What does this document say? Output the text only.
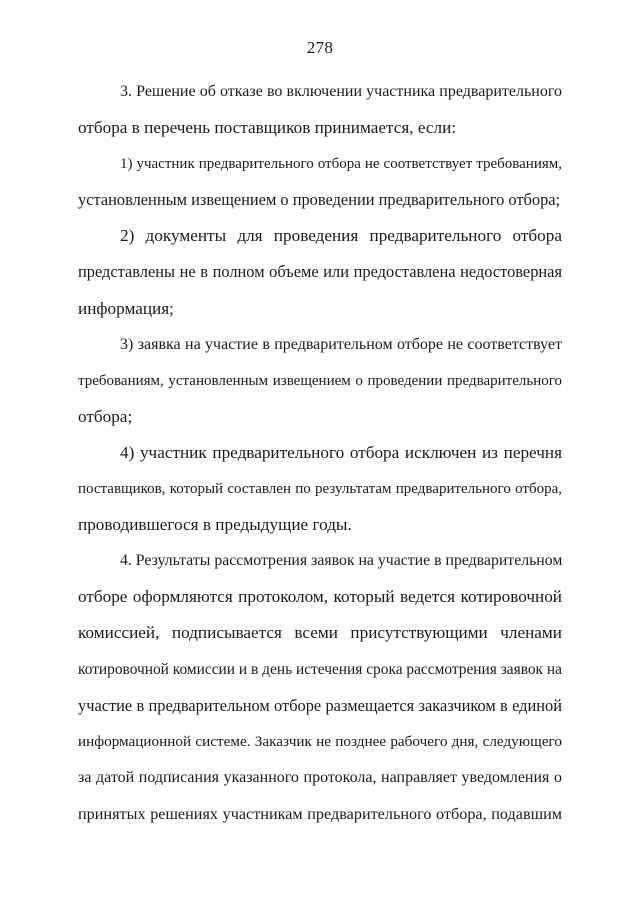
278
3. Решение об отказе во включении участника предварительного
отбора в перечень поставщиков принимается, если:
1) участник предварительного отбора не соответствует требованиям,
установленным извещением о проведении предварительного отбора;
2) документы для проведения предварительного отбора
представлены не в полном объеме или предоставлена недостоверная
информация;
3) заявка на участие в предварительном отборе не соответствует
требованиям, установленным извещением о проведении предварительного
отбора;
4) участник предварительного отбора исключен из перечня
поставщиков, который составлен по результатам предварительного отбора,
проводившегося в предыдущие годы.
4. Результаты рассмотрения заявок на участие в предварительном
отборе оформляются протоколом, который ведется котировочной
комиссией, подписывается всеми присутствующими членами
котировочной комиссии и в день истечения срока рассмотрения заявок на
участие в предварительном отборе размещается заказчиком в единой
информационной системе. Заказчик не позднее рабочего дня, следующего
за датой подписания указанного протокола, направляет уведомления о
принятых решениях участникам предварительного отбора, подавшим
